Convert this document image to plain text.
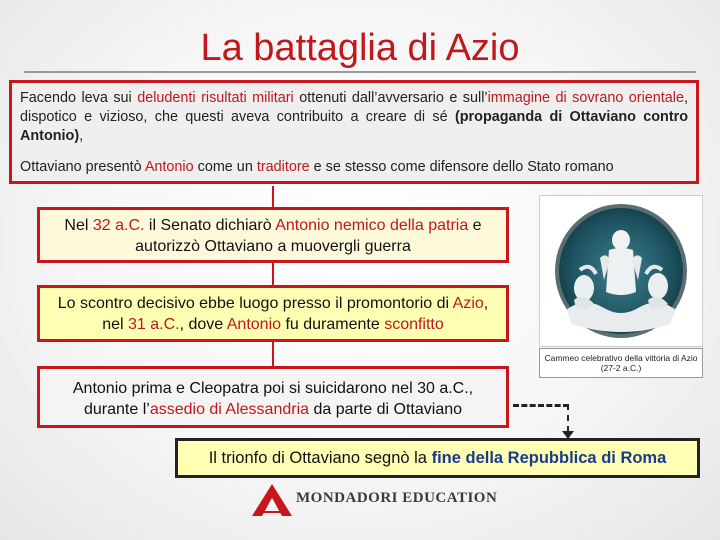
La battaglia di Azio

Facendo leva sui deludenti risultati militari ottenuti dall’avversario e sull’immagine di sovrano orientale, dispotico e vizioso, che questi aveva contribuito a creare di sé (propaganda di Ottaviano contro Antonio),

Ottaviano presentò Antonio come un traditore e se stesso come difensore dello Stato romano

Nel 32 a.C. il Senato dichiarò Antonio nemico della patria e autorizzò Ottaviano a muovergli guerra
Lo scontro decisivo ebbe luogo presso il promontorio di Azio, nel 31 a.C., dove Antonio fu duramente sconfitto
Antonio prima e Cleopatra poi si suicidarono nel 30 a.C., durante l’assedio di Alessandria da parte di Ottaviano
Il trionfo di Ottaviano segnò la fine della Repubblica di Roma
Cammeo celebrativo della vittoria di Azio (27-2 a.C.)
MONDADORI EDUCATION
